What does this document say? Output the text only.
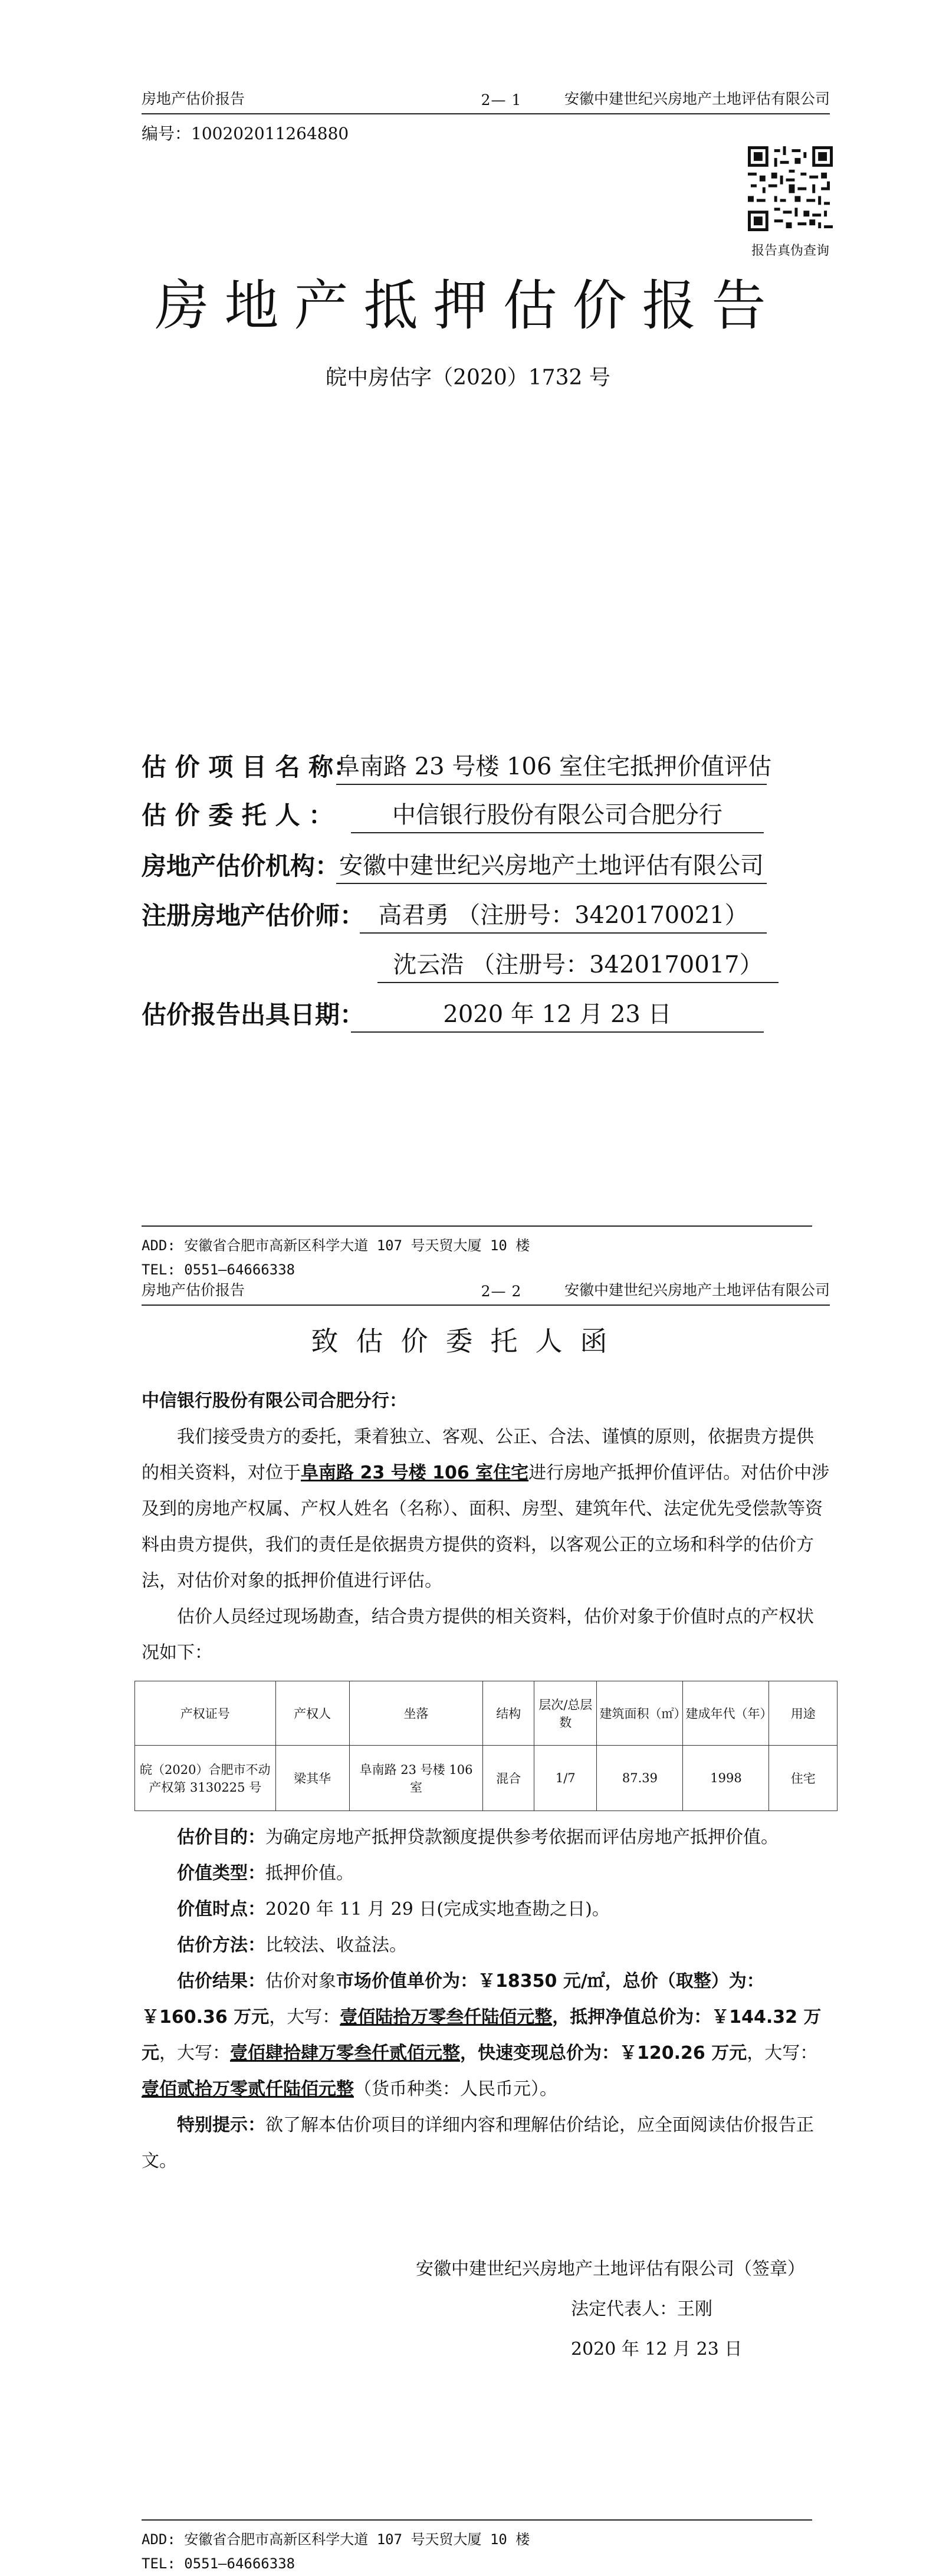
房地产估价报告	2— 1	安徽中建世纪兴房地产土地评估有限公司
编号：100202011264880
报告真伪查询
房地产抵押估价报告
皖中房估字（2020）1732 号
估 价 项 目 名 称：
阜南路 23 号楼 106 室住宅抵押价值评估
估 价 委 托 人 ：	中信银行股份有限公司合肥分行
房地产估价机构：
安徽中建世纪兴房地产土地评估有限公司
注册房地产估价师： 高君勇 （注册号：3420170021）
沈云浩 （注册号：3420170017）
估价报告出具日期：	2020 年 12 月 23 日
ADD: 安徽省合肥市高新区科学大道 107 号天贸大厦 10 楼
TEL: 0551—64666338
房地产估价报告	2— 2	安徽中建世纪兴房地产土地评估有限公司
致估价委托人函
中信银行股份有限公司合肥分行：
我们接受贵方的委托，秉着独立、客观、公正、合法、谨慎的原则，依据贵方提供的相关资料，对位于阜南路 23 号楼 106 室住宅进行房地产抵押价值评估。对估价中涉及到的房地产权属、产权人姓名（名称）、面积、房型、建筑年代、法定优先受偿款等资料由贵方提供，我们的责任是依据贵方提供的资料，以客观公正的立场和科学的估价方法，对估价对象的抵押价值进行评估。
估价人员经过现场勘查，结合贵方提供的相关资料，估价对象于价值时点的产权状况如下：
产权证号	产权人	坐落	结构	层次/总层数	建筑面积（㎡）	建成年代（年）	用途
皖（2020）合肥市不动产权第 3130225 号	梁其华	阜南路 23 号楼 106 室	混合	1/7	87.39	1998	住宅
估价目的：为确定房地产抵押贷款额度提供参考依据而评估房地产抵押价值。
价值类型：抵押价值。
价值时点：2020 年 11 月 29 日(完成实地查勘之日)。
估价方法：比较法、收益法。
估价结果：估价对象市场价值单价为：￥18350 元/㎡，总价（取整）为：￥160.36 万元，大写：壹佰陆拾万零叁仟陆佰元整，抵押净值总价为：￥144.32 万元，大写：壹佰肆拾肆万零叁仟贰佰元整，快速变现总价为：￥120.26 万元，大写：壹佰贰拾万零贰仟陆佰元整（货币种类：人民币元）。
特别提示：欲了解本估价项目的详细内容和理解估价结论，应全面阅读估价报告正文。
安徽中建世纪兴房地产土地评估有限公司（签章）
法定代表人：王刚
2020 年 12 月 23 日
ADD: 安徽省合肥市高新区科学大道 107 号天贸大厦 10 楼
TEL: 0551—64666338
